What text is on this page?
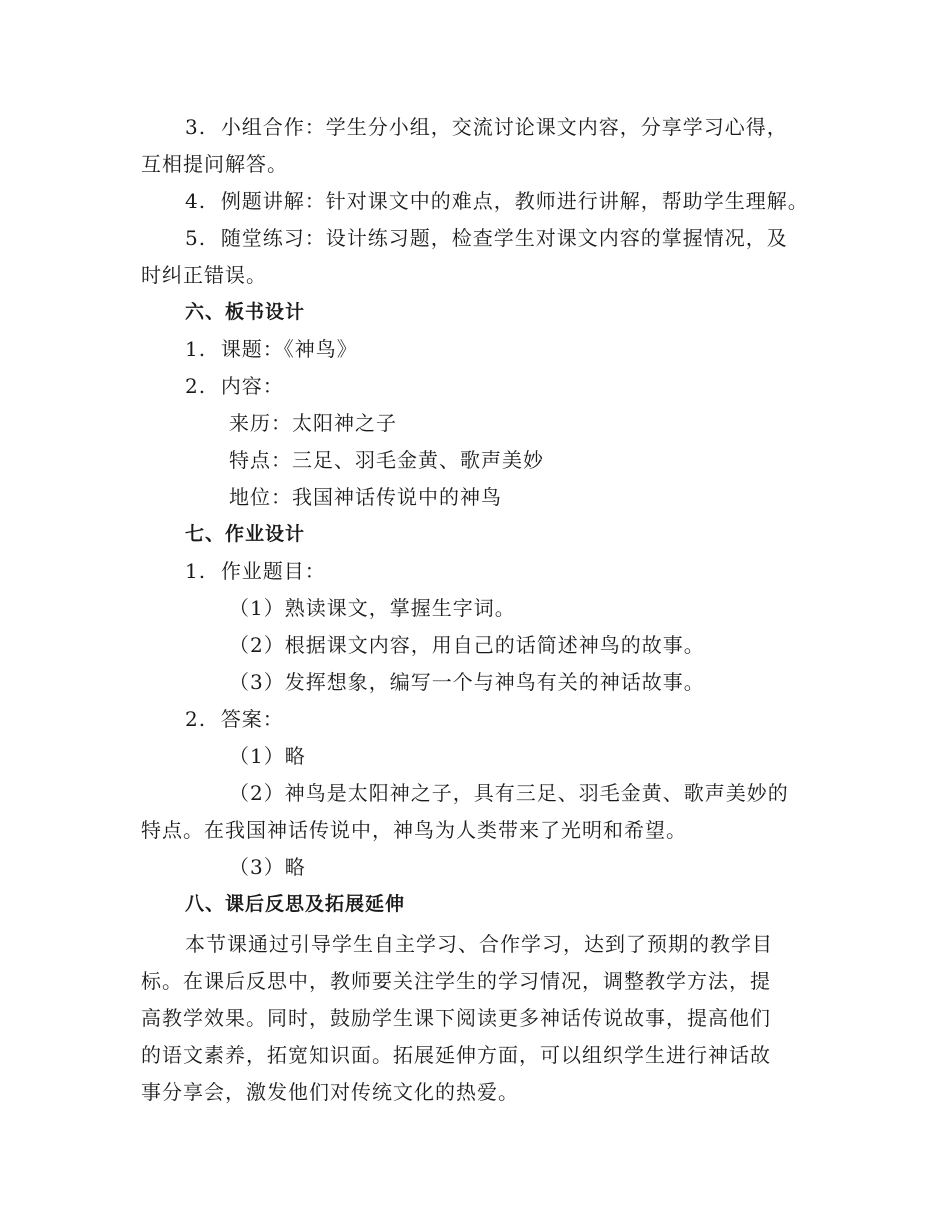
3. 小组合作：学生分小组，交流讨论课文内容，分享学习心得，
互相提问解答。
4. 例题讲解：针对课文中的难点，教师进行讲解，帮助学生理解。
5. 随堂练习：设计练习题，检查学生对课文内容的掌握情况，及
时纠正错误。
六、板书设计
1. 课题：《神鸟》
2. 内容：
来历：太阳神之子
特点：三足、羽毛金黄、歌声美妙
地位：我国神话传说中的神鸟
七、作业设计
1. 作业题目：
（1）熟读课文，掌握生字词。
（2）根据课文内容，用自己的话简述神鸟的故事。
（3）发挥想象，编写一个与神鸟有关的神话故事。
2. 答案：
（1）略
（2）神鸟是太阳神之子，具有三足、羽毛金黄、歌声美妙的
特点。在我国神话传说中，神鸟为人类带来了光明和希望。
（3）略
八、课后反思及拓展延伸
本节课通过引导学生自主学习、合作学习，达到了预期的教学目
标。在课后反思中，教师要关注学生的学习情况，调整教学方法，提
高教学效果。同时，鼓励学生课下阅读更多神话传说故事，提高他们
的语文素养，拓宽知识面。拓展延伸方面，可以组织学生进行神话故
事分享会，激发他们对传统文化的热爱。
